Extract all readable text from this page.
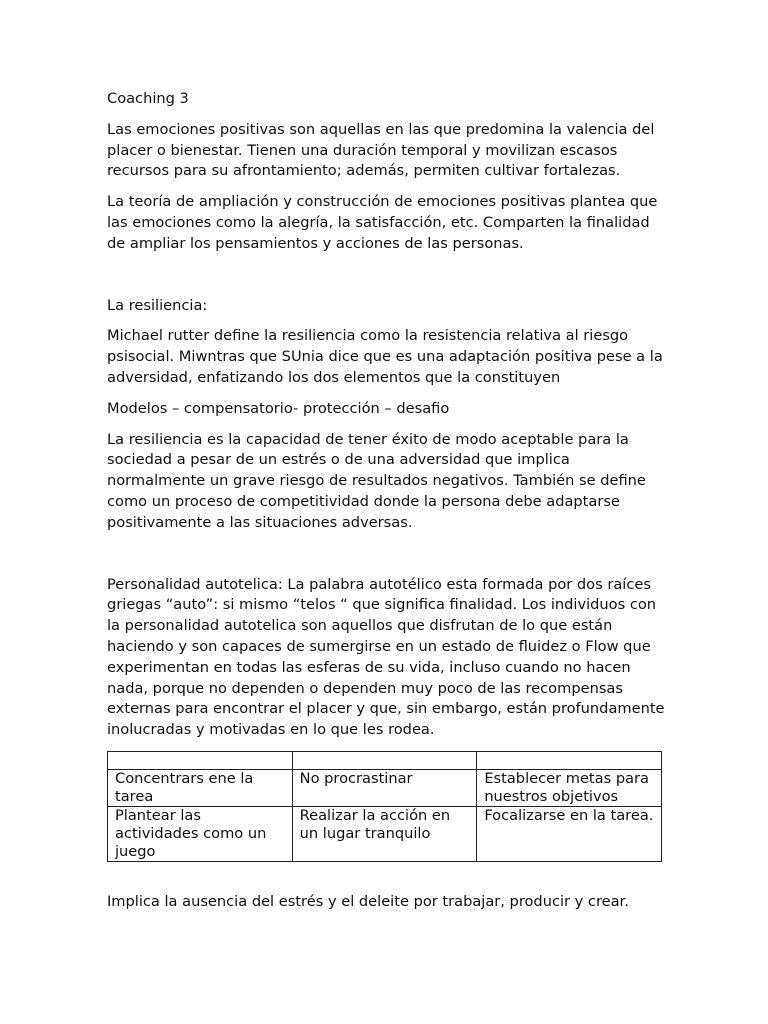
Coaching 3

Las emociones positivas son aquellas en las que predomina la valencia del placer o bienestar. Tienen una duración temporal y movilizan escasos recursos para su afrontamiento; además, permiten cultivar fortalezas.

La teoría de ampliación y construcción de emociones positivas plantea que las emociones como la alegría, la satisfacción, etc. Comparten la finalidad de ampliar los pensamientos y acciones de las personas.

La resiliencia:

Michael rutter define la resiliencia como la resistencia relativa al riesgo psisocial. Miwntras que SUnia dice que es una adaptación positiva pese a la adversidad, enfatizando los dos elementos que la constituyen

Modelos – compensatorio- protección – desafio

La resiliencia es la capacidad de tener éxito de modo aceptable para la sociedad a pesar de un estrés o de una adversidad que implica normalmente un grave riesgo de resultados negativos. También se define como un proceso de competitividad donde la persona debe adaptarse positivamente a las situaciones adversas.

Personalidad autotelica: La palabra autotélico esta formada por dos raíces griegas “auto”: si mismo “telos “ que significa finalidad. Los individuos con la personalidad autotelica son aquellos que disfrutan de lo que están haciendo y son capaces de sumergirse en un estado de fluidez o Flow que experimentan en todas las esferas de su vida, incluso cuando no hacen nada, porque no dependen o dependen muy poco de las recompensas externas para encontrar el placer y que, sin embargo, están profundamente inolucradas y motivadas en lo que les rodea.

Concentrars ene la tarea	No procrastinar	Establecer metas para nuestros objetivos
Plantear las actividades como un juego	Realizar la acción en un lugar tranquilo	Focalizarse en la tarea.

Implica la ausencia del estrés y el deleite por trabajar, producir y crear.
